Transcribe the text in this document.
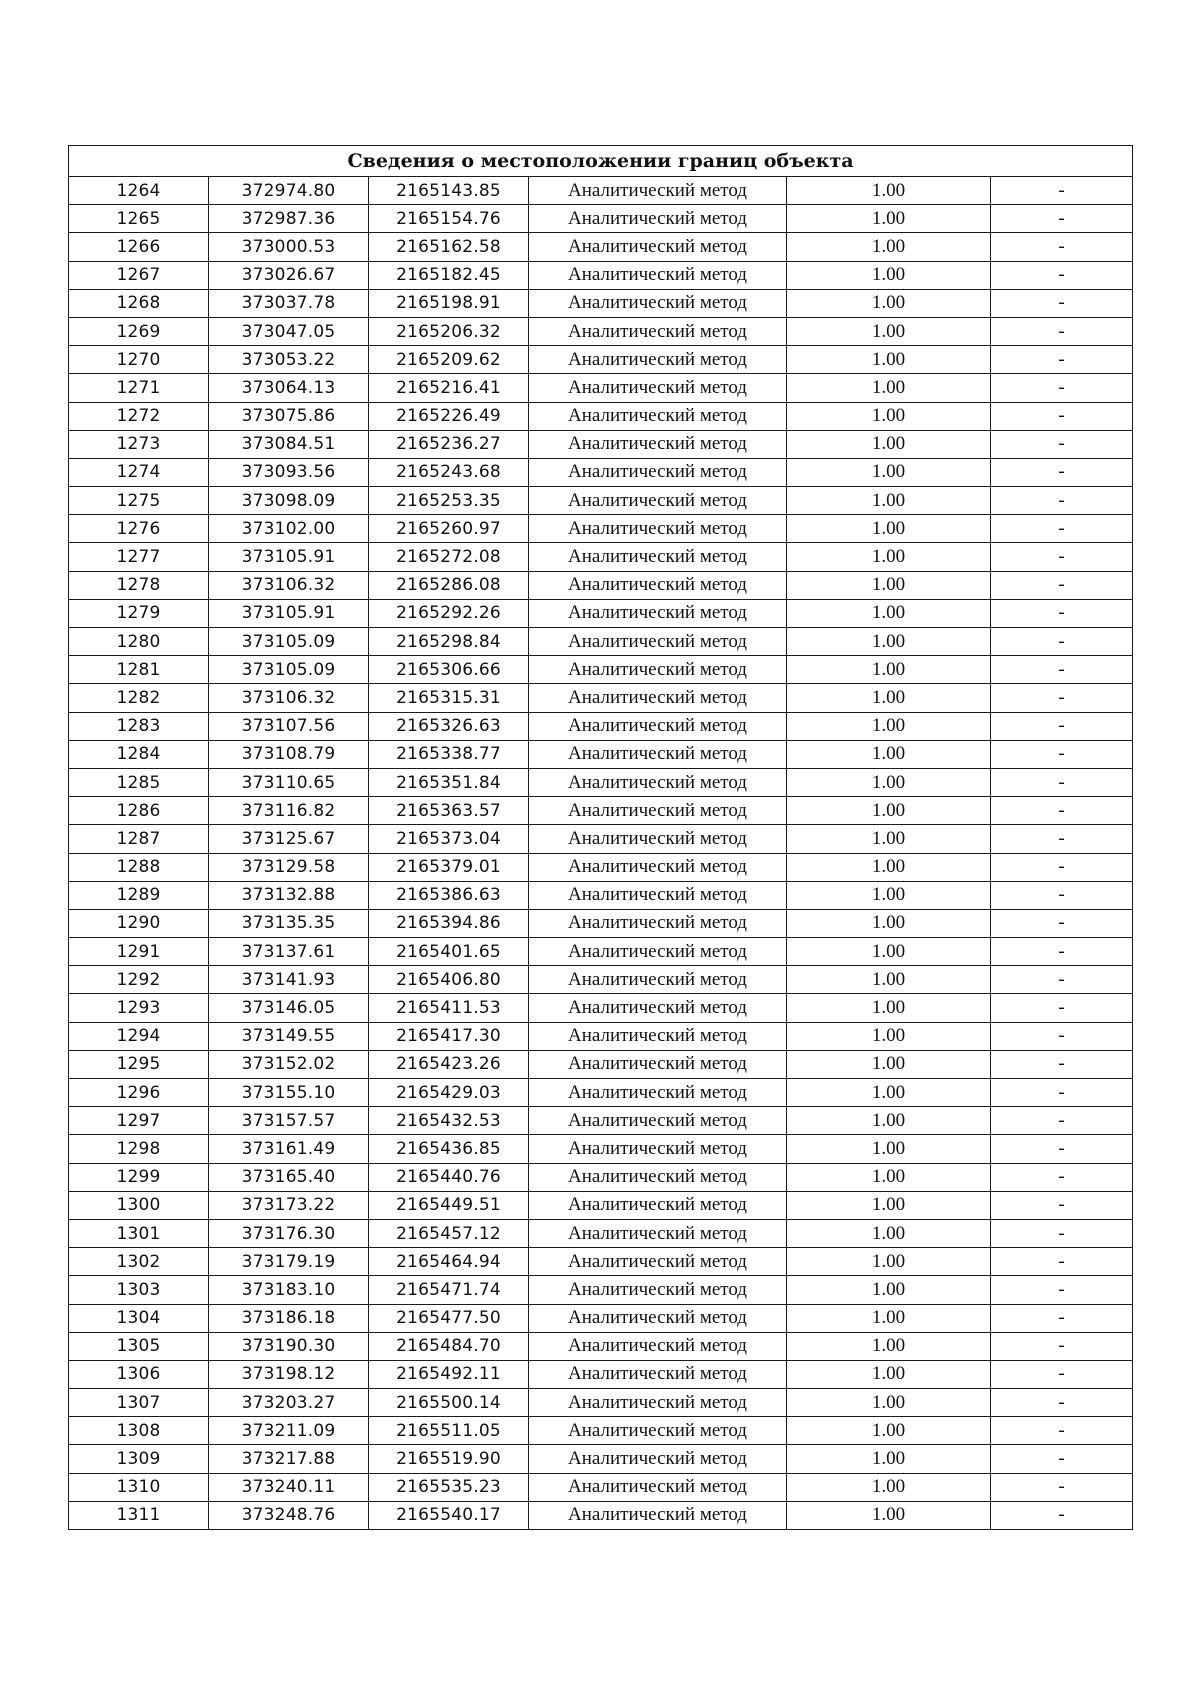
Сведения о местоположении границ объекта					
1264	372974.80	2165143.85	Аналитический метод	1.00	-
1265	372987.36	2165154.76	Аналитический метод	1.00	-
1266	373000.53	2165162.58	Аналитический метод	1.00	-
1267	373026.67	2165182.45	Аналитический метод	1.00	-
1268	373037.78	2165198.91	Аналитический метод	1.00	-
1269	373047.05	2165206.32	Аналитический метод	1.00	-
1270	373053.22	2165209.62	Аналитический метод	1.00	-
1271	373064.13	2165216.41	Аналитический метод	1.00	-
1272	373075.86	2165226.49	Аналитический метод	1.00	-
1273	373084.51	2165236.27	Аналитический метод	1.00	-
1274	373093.56	2165243.68	Аналитический метод	1.00	-
1275	373098.09	2165253.35	Аналитический метод	1.00	-
1276	373102.00	2165260.97	Аналитический метод	1.00	-
1277	373105.91	2165272.08	Аналитический метод	1.00	-
1278	373106.32	2165286.08	Аналитический метод	1.00	-
1279	373105.91	2165292.26	Аналитический метод	1.00	-
1280	373105.09	2165298.84	Аналитический метод	1.00	-
1281	373105.09	2165306.66	Аналитический метод	1.00	-
1282	373106.32	2165315.31	Аналитический метод	1.00	-
1283	373107.56	2165326.63	Аналитический метод	1.00	-
1284	373108.79	2165338.77	Аналитический метод	1.00	-
1285	373110.65	2165351.84	Аналитический метод	1.00	-
1286	373116.82	2165363.57	Аналитический метод	1.00	-
1287	373125.67	2165373.04	Аналитический метод	1.00	-
1288	373129.58	2165379.01	Аналитический метод	1.00	-
1289	373132.88	2165386.63	Аналитический метод	1.00	-
1290	373135.35	2165394.86	Аналитический метод	1.00	-
1291	373137.61	2165401.65	Аналитический метод	1.00	-
1292	373141.93	2165406.80	Аналитический метод	1.00	-
1293	373146.05	2165411.53	Аналитический метод	1.00	-
1294	373149.55	2165417.30	Аналитический метод	1.00	-
1295	373152.02	2165423.26	Аналитический метод	1.00	-
1296	373155.10	2165429.03	Аналитический метод	1.00	-
1297	373157.57	2165432.53	Аналитический метод	1.00	-
1298	373161.49	2165436.85	Аналитический метод	1.00	-
1299	373165.40	2165440.76	Аналитический метод	1.00	-
1300	373173.22	2165449.51	Аналитический метод	1.00	-
1301	373176.30	2165457.12	Аналитический метод	1.00	-
1302	373179.19	2165464.94	Аналитический метод	1.00	-
1303	373183.10	2165471.74	Аналитический метод	1.00	-
1304	373186.18	2165477.50	Аналитический метод	1.00	-
1305	373190.30	2165484.70	Аналитический метод	1.00	-
1306	373198.12	2165492.11	Аналитический метод	1.00	-
1307	373203.27	2165500.14	Аналитический метод	1.00	-
1308	373211.09	2165511.05	Аналитический метод	1.00	-
1309	373217.88	2165519.90	Аналитический метод	1.00	-
1310	373240.11	2165535.23	Аналитический метод	1.00	-
1311	373248.76	2165540.17	Аналитический метод	1.00	-
